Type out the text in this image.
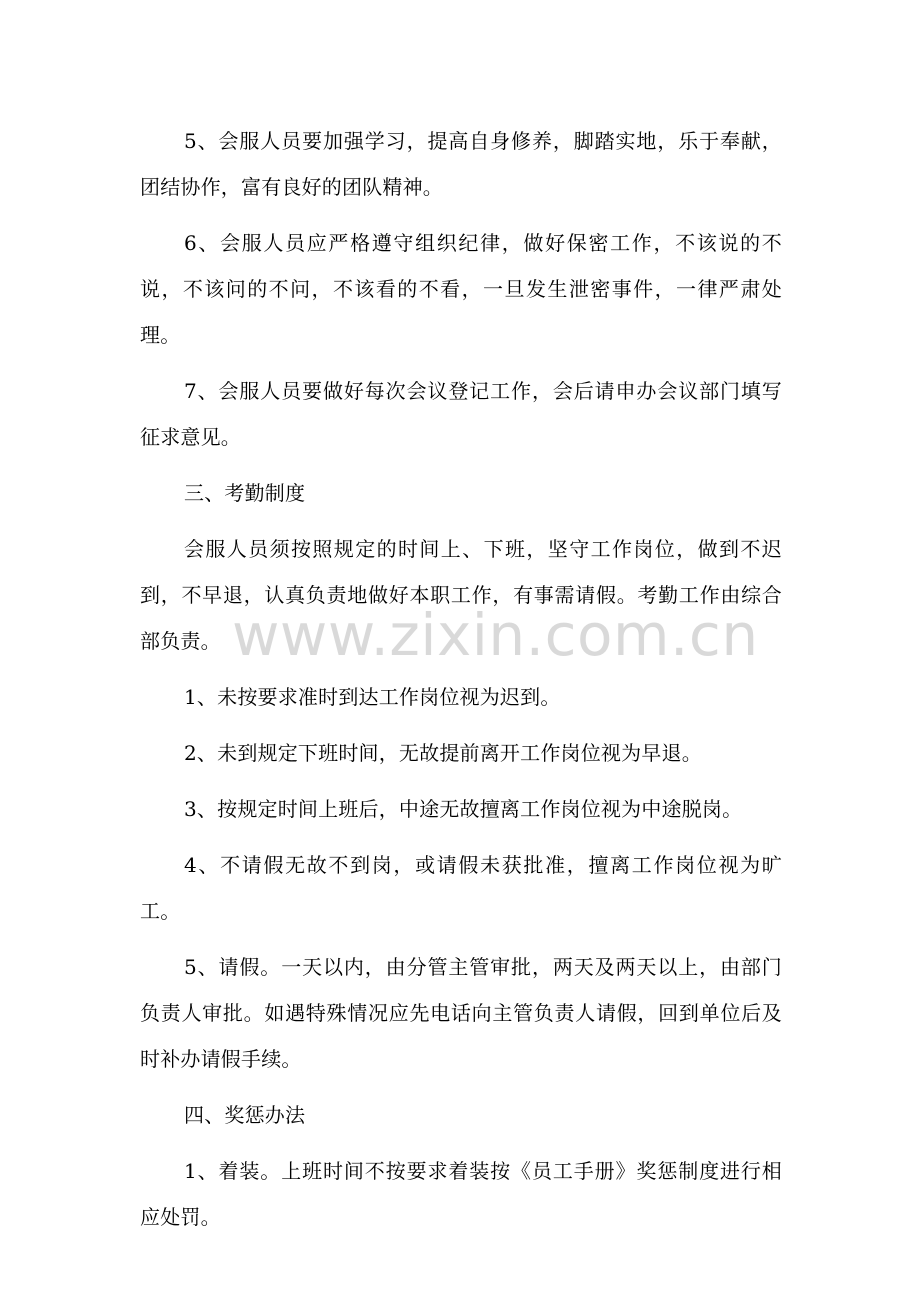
5、会服人员要加强学习，提高自身修养，脚踏实地，乐于奉献，团结协作，富有良好的团队精神。

6、会服人员应严格遵守组织纪律，做好保密工作，不该说的不说，不该问的不问，不该看的不看，一旦发生泄密事件，一律严肃处理。

7、会服人员要做好每次会议登记工作，会后请申办会议部门填写征求意见。

三、考勤制度

会服人员须按照规定的时间上、下班，坚守工作岗位，做到不迟到，不早退，认真负责地做好本职工作，有事需请假。考勤工作由综合部负责。

1、未按要求准时到达工作岗位视为迟到。

2、未到规定下班时间，无故提前离开工作岗位视为早退。

3、按规定时间上班后，中途无故擅离工作岗位视为中途脱岗。

4、不请假无故不到岗，或请假未获批准，擅离工作岗位视为旷工。

5、请假。一天以内，由分管主管审批，两天及两天以上，由部门负责人审批。如遇特殊情况应先电话向主管负责人请假，回到单位后及时补办请假手续。

四、奖惩办法

1、着装。上班时间不按要求着装按《员工手册》奖惩制度进行相应处罚。

www.zixin.com.cn
